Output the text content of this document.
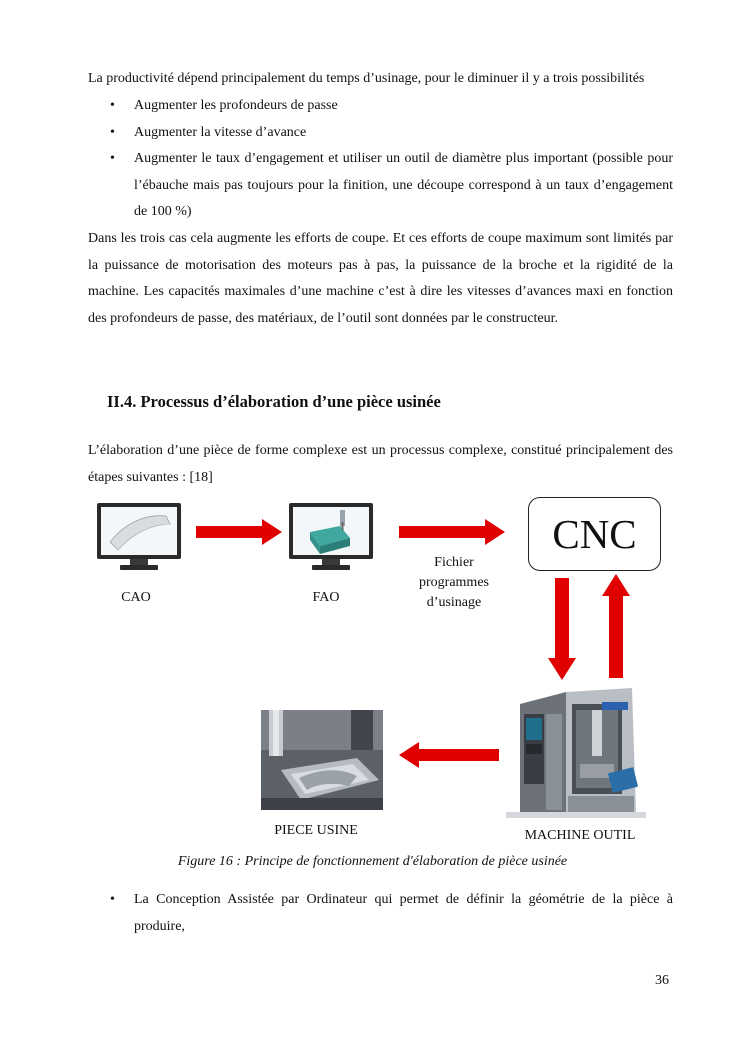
La productivité dépend principalement du temps d’usinage, pour le diminuer il y a trois possibilités
• Augmenter les profondeurs de passe
• Augmenter la vitesse d’avance
• Augmenter le taux d’engagement et utiliser un outil de diamètre plus important (possible pour l’ébauche mais pas toujours pour la finition, une découpe correspond à un taux d’engagement de 100 %)
Dans les trois cas cela augmente les efforts de coupe. Et ces efforts de coupe maximum sont limités par la puissance de motorisation des moteurs pas à pas, la puissance de la broche et la rigidité de la machine. Les capacités maximales d’une machine c’est à dire les vitesses d’avances maxi en fonction des profondeurs de passe, des matériaux, de l’outil sont données par le constructeur.
II.4. Processus d’élaboration d’une pièce usinée
L’élaboration d’une pièce de forme complexe est un processus complexe, constitué principalement des étapes suivantes : [18]
CNC
CAO	FAO
Fichier
programmes
d’usinage
PIECE USINE	MACHINE OUTIL
Figure 16 : Principe de fonctionnement d'élaboration de pièce usinée
• La Conception Assistée par Ordinateur qui permet de définir la géométrie de la pièce à produire,
36
